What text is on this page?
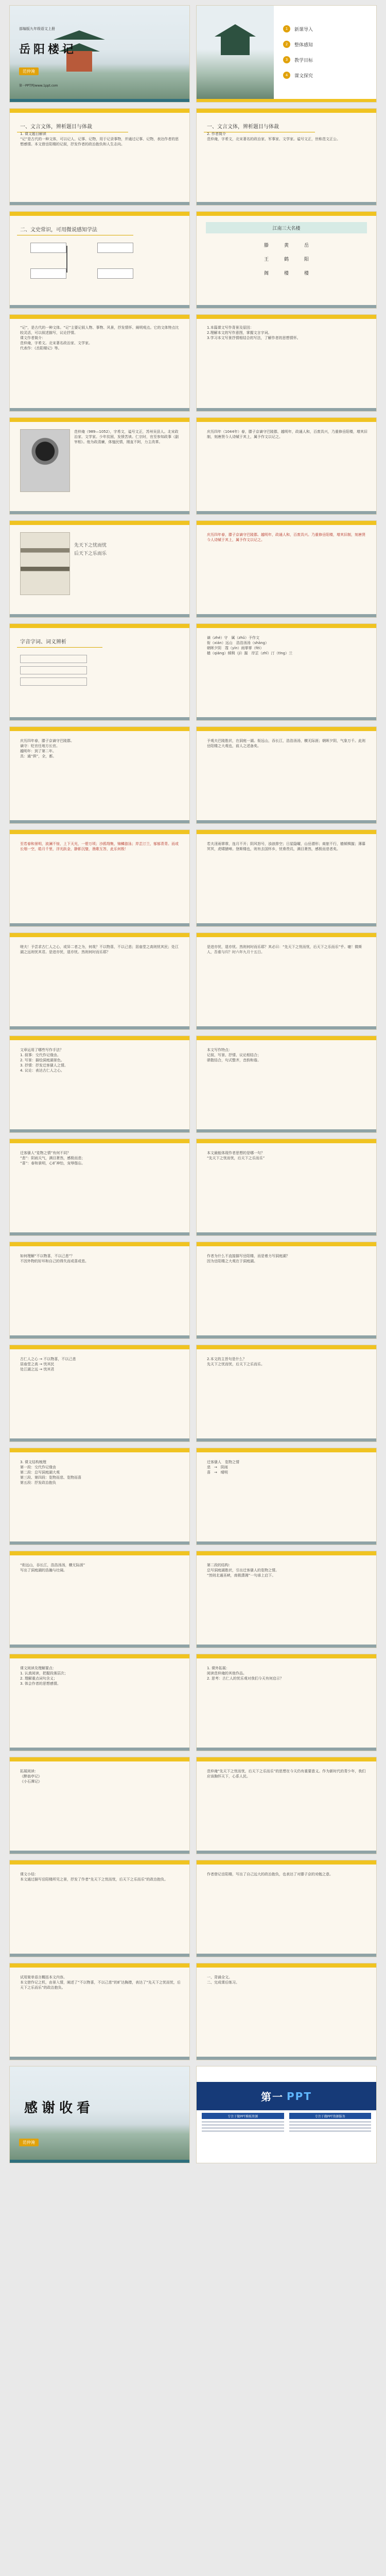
部编版九年级语文上册
岳阳楼记
范仲淹
第一PPT网/www.1ppt.com
1	新课导入
2	整体感知
3	教学目标
4	课文探究
一、文言文体，辨析题目与体裁
1. 课文题目解读
“记”是古代的一种文体，可以记人、记事、记物，用于记录事物，并通过记事、记物，表达作者的思想感情。本文借岳阳楼的记叙，抒发作者的政治抱负和人生志向。
一、文言文体，辨析题目与体裁
2. 作者简介
范仲淹，字希文，北宋著名的政治家、军事家、文学家。谥号文正，世称范文正公。
二、文史常识，可用微说感知学法	江南三大名楼
滕
王
阁
黄
鹤
楼
岳
阳
楼
“记”，是古代的一种文体。“记”主要记叙人物、事物、风景，抒发情怀、阐明观点。它的文体特点比较灵活，可以叙述描写，议论抒情。
课文作者简介：
范仲淹，字希文。北宋著名政治家、文学家。
代表作：《岳阳楼记》等。
1.本篇课文写作背景及原因：
2.理解本文的写作意图，掌握文言字词。
3.学习本文写景抒情相结合的写法，了解作者的思想情怀。
范仲淹（989—1052），字希文，谥号文正，苏州吴县人。北宋政治家、文学家。少年贫困，发愤苦读。仁宗时，官至参知政事（副宰相）。他为政清廉，体恤民情，刚直不阿，力主改革。
庆历四年（1044年）春，滕子京谪守巴陵郡，越明年，政通人和，百废具兴，乃重修岳阳楼，增其旧制，刻唐贤今人诗赋于其上，属予作文以记之。
先天下之忧而忧
后天下之乐而乐
庆历四年春，滕子京谪守巴陵郡。越明年，政通人和，百废具兴。乃重修岳阳楼，增其旧制，刻唐贤今人诗赋于其上，属予作文以记之。
字音字词、词义辨析
谪（zhé）守　属（zhǔ）予作文
衔（xián）远山　浩浩汤汤（shāng）
朝晖夕阴　霪（yín）雨霏霏（fēi）
樯（qiáng）倾楫（jí）摧　岸芷（zhǐ）汀（tīng）兰
庆历四年春，滕子京谪守巴陵郡。
谪守：贬官任地方长官。
越明年：到了第二年。
具：通“俱”，全，都。
予观夫巴陵胜状，在洞庭一湖。衔远山，吞长江，浩浩汤汤，横无际涯；朝晖夕阴，气象万千。此则岳阳楼之大观也，前人之述备矣。
至若春和景明，波澜不惊，上下天光，一碧万顷；沙鸥翔集，锦鳞游泳；岸芷汀兰，郁郁青青。而或长烟一空，皓月千里，浮光跃金，静影沉璧，渔歌互答，此乐何极！
若夫淫雨霏霏，连月不开；阴风怒号，浊浪排空；日星隐曜，山岳潜形；商旅不行，樯倾楫摧；薄暮冥冥，虎啸猿啼。登斯楼也，则有去国怀乡，忧谗畏讥，满目萧然，感极而悲者矣。
嗟夫！予尝求古仁人之心，或异二者之为，何哉？不以物喜，不以己悲；居庙堂之高则忧其民；处江湖之远则忧其君。是进亦忧，退亦忧。然则何时而乐耶？
是进亦忧，退亦忧。然则何时而乐耶？其必曰：“先天下之忧而忧，后天下之乐而乐”乎。噫！微斯人，吾谁与归？时六年九月十五日。
文章运用了哪些写作手法？
1. 叙事：交代作记缘由。
2. 写景：描绘洞庭湖景色。
3. 抒情：抒发迁客骚人之情。
4. 议论：表达古仁人之心。
本文写作特点：
记叙、写景、抒情、议论相结合；
骈散结合，句式整齐，音韵和谐。
迁客骚人“览物之情”有何不同？
“悲”：阴雨天气，满目萧然，感极而悲；
“喜”：春和景明，心旷神怡，宠辱偕忘。
本文最能体现作者思想的是哪一句？
“先天下之忧而忧，后天下之乐而乐”
如何理解“不以物喜，不以己悲”？
不因外物的好坏和自己的得失而或喜或悲。
作者为什么不直接描写岳阳楼，而是着力写洞庭湖？
因为岳阳楼之大观在于洞庭湖。
古仁人之心 → 不以物喜，不以己悲
居庙堂之高 → 忧其民
处江湖之远 → 忧其君
2.本文的主旨句是什么？
先天下之忧而忧，后天下之乐而乐。
3. 课文结构梳理
第一段：交代作记缘由
第二段：总写洞庭湖大观
第三段、第四段：览物而悲、览物而喜
第五段：抒发政治抱负
迁客骚人　览物之情
悲　→　阴雨
喜　→　晴明
“衔远山，吞长江，浩浩汤汤，横无际涯”
写出了洞庭湖的浩瀚与壮阔。
第二段的结构：
总写洞庭湖胜状，引出迁客骚人的览物之情。
“然则北通巫峡，南极潇湘”一句承上启下。
课文阅读及理解要点：
1. 认真阅读，把握段落层次；
2. 理解重点词句含义；
3. 体会作者的思想感情。
1. 课外拓展：
阅读范仲淹的其他作品。
2. 思考：古仁人的忧乐观对我们今天有何启示？
拓展阅读：
《醉翁亭记》
《小石潭记》
范仲淹“先天下之忧而忧，后天下之乐而乐”的思想在今天仍有重要意义。作为新时代的青少年，我们应该胸怀天下，心系人民。
课文小结：
本文通过描写岳阳楼所见之景，抒发了作者“先天下之忧而忧，后天下之乐而乐”的政治抱负。
作者借记岳阳楼，写出了自己远大的政治抱负，也表达了对滕子京的劝勉之意。
试用简单语言概括本文内容。
本文借作记之机，由景入情，阐述了“不以物喜，不以己悲”的旷达胸襟，表达了“先天下之忧而忧，后天下之乐而乐”的政治抱负。
一、背诵全文。
二、完成课后练习。
感谢收看
范仲淹
第一 PPT
专注于做PPT模板资源	专注于做PPT资源服务
